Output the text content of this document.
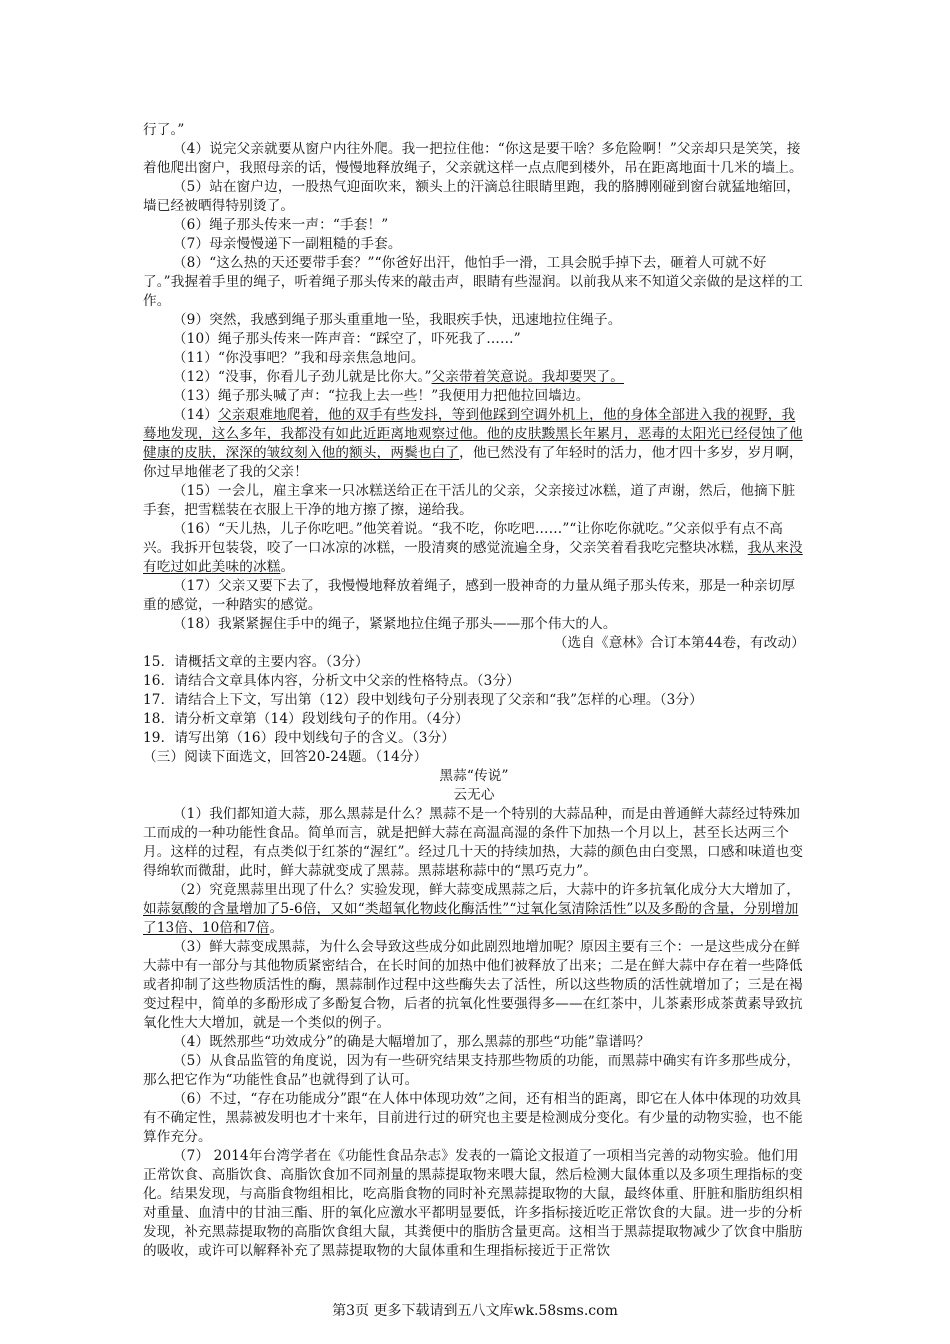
行了。”

（4）说完父亲就要从窗户内往外爬。我一把拉住他：“你这是要干啥？多危险啊！”父亲却只是笑笑，接着他爬出窗户，我照母亲的话，慢慢地释放绳子，父亲就这样一点点爬到楼外，吊在距离地面十几米的墙上。

（5）站在窗户边，一股热气迎面吹来，额头上的汗滴总往眼睛里跑，我的胳膊刚碰到窗台就猛地缩回，墙已经被晒得特别烫了。

（6）绳子那头传来一声：“手套！”

（7）母亲慢慢递下一副粗糙的手套。

（8）“这么热的天还要带手套？”“你爸好出汗，他怕手一滑，工具会脱手掉下去，砸着人可就不好了。”我握着手里的绳子，听着绳子那头传来的敲击声，眼睛有些湿润。以前我从来不知道父亲做的是这样的工作。

（9）突然，我感到绳子那头重重地一坠，我眼疾手快，迅速地拉住绳子。

（10）绳子那头传来一阵声音：“踩空了，吓死我了……”

（11）“你没事吧？”我和母亲焦急地问。

（12）“没事，你看儿子劲儿就是比你大。”父亲带着笑意说。我却要哭了。

（13）绳子那头喊了声：“拉我上去一些！”我便用力把他拉回墙边。

（14）父亲艰难地爬着，他的双手有些发抖，等到他踩到空调外机上，他的身体全部进入我的视野，我蓦地发现，这么多年，我都没有如此近距离地观察过他。他的皮肤黢黑长年累月，恶毒的太阳光已经侵蚀了他健康的皮肤，深深的皱纹刻入他的额头，两鬓也白了，他已然没有了年轻时的活力，他才四十多岁，岁月啊，你过早地催老了我的父亲！

（15）一会儿，雇主拿来一只冰糕送给正在干活儿的父亲，父亲接过冰糕，道了声谢，然后，他摘下脏手套，把雪糕装在衣服上干净的地方擦了擦，递给我。

（16）“天儿热，儿子你吃吧。”他笑着说。“我不吃，你吃吧……”“让你吃你就吃。”父亲似乎有点不高兴。我拆开包装袋，咬了一口冰凉的冰糕，一股清爽的感觉流遍全身，父亲笑着看我吃完整块冰糕，我从来没有吃过如此美味的冰糕。

（17）父亲又要下去了，我慢慢地释放着绳子，感到一股神奇的力量从绳子那头传来，那是一种亲切厚重的感觉，一种踏实的感觉。

（18）我紧紧握住手中的绳子，紧紧地拉住绳子那头——那个伟大的人。

（选自《意林》合订本第44卷，有改动）

15．请概括文章的主要内容。（3分）

16．请结合文章具体内容，分析文中父亲的性格特点。（3分）

17．请结合上下文，写出第（12）段中划线句子分别表现了父亲和“我”怎样的心理。（3分）

18．请分析文章第（14）段划线句子的作用。（4分）

19．请写出第（16）段中划线句子的含义。（3分）

（三）阅读下面选文，回答20-24题。（14分）

黑蒜“传说”

云无心

（1）我们都知道大蒜，那么黑蒜是什么？黑蒜不是一个特别的大蒜品种，而是由普通鲜大蒜经过特殊加工而成的一种功能性食品。简单而言，就是把鲜大蒜在高温高湿的条件下加热一个月以上，甚至长达两三个月。这样的过程，有点类似于红茶的“渥红”。经过几十天的持续加热，大蒜的颜色由白变黑，口感和味道也变得绵软而微甜，此时，鲜大蒜就变成了黑蒜。黑蒜堪称蒜中的“黑巧克力”。

（2）究竟黑蒜里出现了什么？实验发现，鲜大蒜变成黑蒜之后，大蒜中的许多抗氧化成分大大增加了，如蒜氨酸的含量增加了5-6倍，又如“类超氧化物歧化酶活性”“过氧化氢清除活性”以及多酚的含量，分别增加了13倍、10倍和7倍。

（3）鲜大蒜变成黑蒜，为什么会导致这些成分如此剧烈地增加呢？原因主要有三个：一是这些成分在鲜大蒜中有一部分与其他物质紧密结合，在长时间的加热中他们被释放了出来；二是在鲜大蒜中存在着一些降低或者抑制了这些物质活性的酶，黑蒜制作过程中这些酶失去了活性，所以这些物质的活性就增加了；三是在褐变过程中，简单的多酚形成了多酚复合物，后者的抗氧化性要强得多——在红茶中，儿茶素形成茶黄素导致抗氧化性大大增加，就是一个类似的例子。

（4）既然那些“功效成分”的确是大幅增加了，那么黑蒜的那些“功能”靠谱吗？

（5）从食品监管的角度说，因为有一些研究结果支持那些物质的功能，而黑蒜中确实有许多那些成分，那么把它作为“功能性食品”也就得到了认可。

（6）不过，“存在功能成分”跟“在人体中体现功效”之间，还有相当的距离，即它在人体中体现的功效具有不确定性，黑蒜被发明也才十来年，目前进行过的研究也主要是检测成分变化。有少量的动物实验，也不能算作充分。

（7） 2014年台湾学者在《功能性食品杂志》发表的一篇论文报道了一项相当完善的动物实验。他们用正常饮食、高脂饮食、高脂饮食加不同剂量的黑蒜提取物来喂大鼠，然后检测大鼠体重以及多项生理指标的变化。结果发现，与高脂食物组相比，吃高脂食物的同时补充黑蒜提取物的大鼠，最终体重、肝脏和脂肪组织相对重量、血清中的甘油三酯、肝的氧化应激水平都明显要低，许多指标接近吃正常饮食的大鼠。进一步的分析发现，补充黑蒜提取物的高脂饮食组大鼠，其粪便中的脂肪含量更高。这相当于黑蒜提取物减少了饮食中脂肪的吸收，或许可以解释补充了黑蒜提取物的大鼠体重和生理指标接近于正常饮

第3页 更多下载请到五八文库wk.58sms.com
